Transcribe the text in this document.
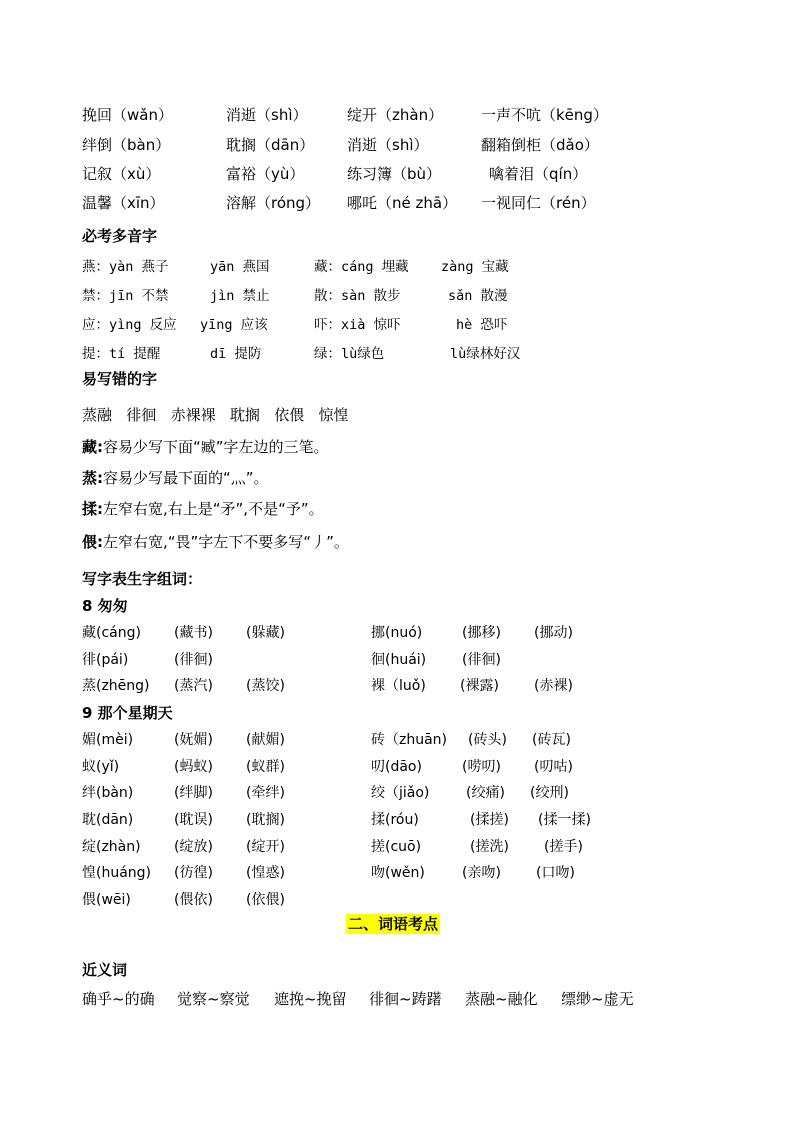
挽回（wǎn）	消逝（shì）	绽开（zhàn）	一声不吭（kēng）
绊倒（bàn）	耽搁（dān） 消逝（shì）	翻箱倒柜（dǎo）
记叙（xù）	富裕（yù）	练习簿（bù）	噙着泪（qín）
温馨（xīn）	溶解（róng） 哪吒（né zhā） 一视同仁（rén）
必考多音字
燕：yàn 燕子	yān 燕国	藏：cáng 埋藏 zàng 宝藏
禁：jīn 不禁	jìn 禁止	散：sàn 散步	sǎn 散漫
应：yìng 反应 yīng 应该	吓：xià 惊吓	hè 恐吓
提：tí 提醒	dī 提防	绿：lù绿色	lù绿林好汉
易写错的字
蒸融   徘徊   赤裸裸   耽搁   依偎   惊惶
藏:容易少写下面“臧”字左边的三笔。
蒸:容易少写最下面的“灬”。
揉:左窄右宽,右上是“矛”,不是“予”。
偎:左窄右宽,“畏”字左下不要多写“丿”。
写字表生字组词：
8 匆匆
藏(cáng) (藏书) (躲藏)	挪(nuó)	(挪移) (挪动)
徘(pái)	(徘徊)	徊(huái)	(徘徊)
蒸(zhēng) (蒸汽) (蒸饺)	裸（luǒ) (裸露)	(赤裸)
9 那个星期天
媚(mèi)	(妩媚) (献媚)	砖（zhuān) (砖头) (砖瓦)
蚁(yǐ)	(蚂蚁) (蚁群)	叨(dāo)	(唠叨) (叨咕)
绊(bàn)	(绊脚) (牵绊)	绞（jiǎo)	(绞痛) (绞刑)
耽(dān)	(耽误) (耽搁)	揉(róu)	(揉搓) (揉一揉)
绽(zhàn) (绽放) (绽开)	搓(cuō)	(搓洗)	(搓手)
惶(huáng) (彷徨) (惶惑)	吻(wěn)	(亲吻)	(口吻)
偎(wēi)	(偎依) (依偎)
二、词语考点
近义词
确乎~的确 觉察~察觉 遮挽~挽留 徘徊~踌躇 蒸融~融化 缥缈~虚无
